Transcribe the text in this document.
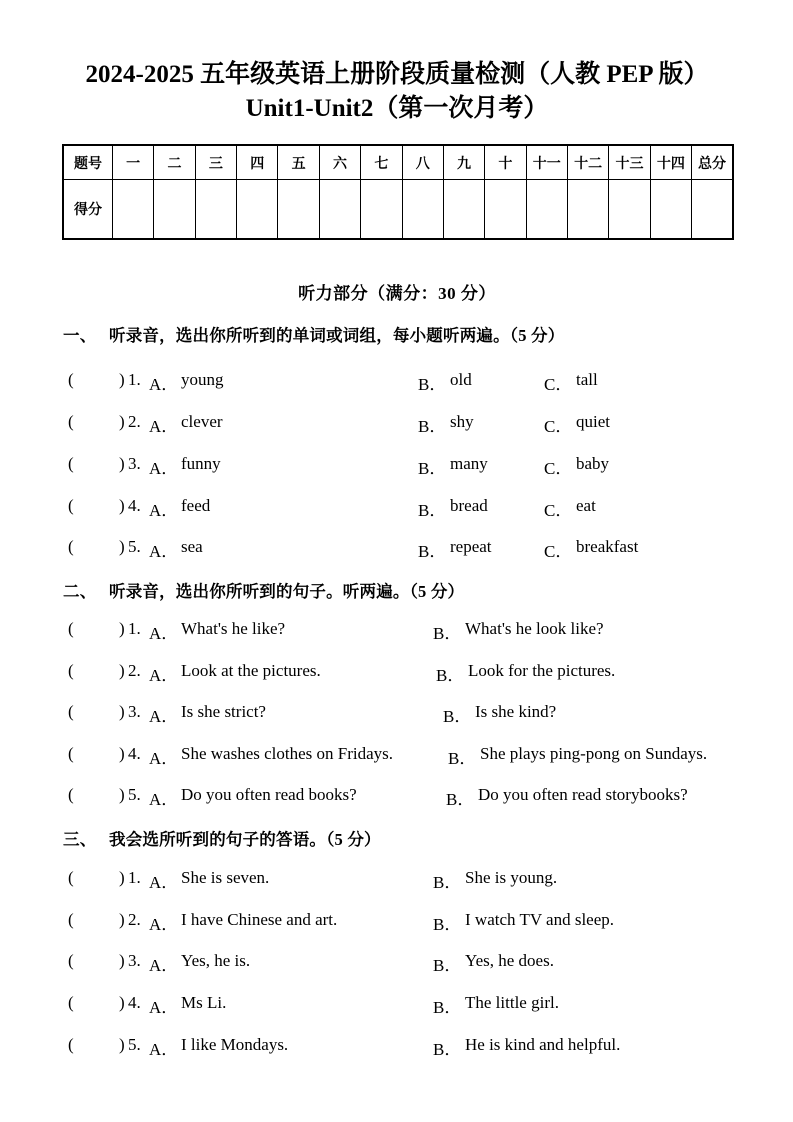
2024-2025 五年级英语上册阶段质量检测（人教 PEP 版）
Unit1-Unit2（第一次月考）
题号	一	二	三	四	五	六	七	八	九	十	十一	十二	十三	十四	总分
得分															
听力部分（满分：30 分）
一、 听录音，选出你所听到的单词或词组，每小题听两遍。（5 分）
(	) 1. A． young	B． old	C． tall
(	) 2. A． clever	B． shy	C． quiet
(	) 3. A． funny	B． many	C． baby
(	) 4. A． feed	B． bread	C． eat
(	) 5. A． sea	B． repeat	C． breakfast
二、 听录音，选出你所听到的句子。听两遍。（5 分）
(	) 1. A． What's he like?	B． What's he look like?
(	) 2. A． Look at the pictures.	B． Look for the pictures.
(	) 3. A． Is she strict?	B． Is she kind?
(	) 4. A． She washes clothes on Fridays.	B． She plays ping-pong on Sundays.
(	) 5. A． Do you often read books?	B． Do you often read storybooks?
三、 我会选所听到的句子的答语。（5 分）
(	) 1. A． She is seven.	B． She is young.
(	) 2. A． I have Chinese and art.	B． I watch TV and sleep.
(	) 3. A． Yes, he is.	B． Yes, he does.
(	) 4. A． Ms Li.	B． The little girl.
(	) 5. A． I like Mondays.	B． He is kind and helpful.
